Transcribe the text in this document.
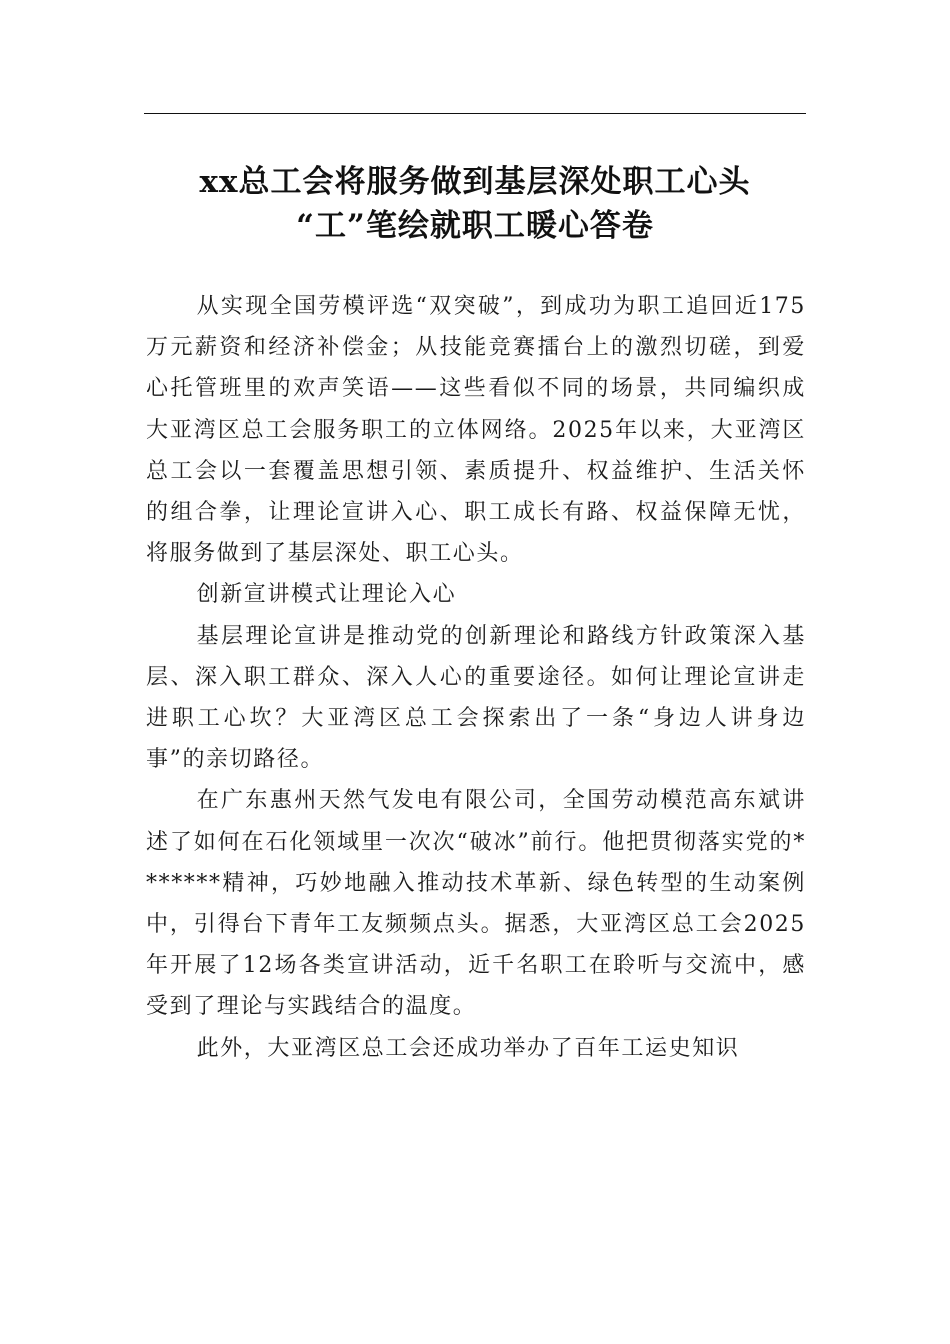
xx总工会将服务做到基层深处职工心头
“工”笔绘就职工暖心答卷

从实现全国劳模评选“双突破”，到成功为职工追回近175万元薪资和经济补偿金；从技能竞赛擂台上的激烈切磋，到爱心托管班里的欢声笑语——这些看似不同的场景，共同编织成大亚湾区总工会服务职工的立体网络。2025年以来，大亚湾区总工会以一套覆盖思想引领、素质提升、权益维护、生活关怀的组合拳，让理论宣讲入心、职工成长有路、权益保障无忧，将服务做到了基层深处、职工心头。

创新宣讲模式让理论入心

基层理论宣讲是推动党的创新理论和路线方针政策深入基层、深入职工群众、深入人心的重要途径。如何让理论宣讲走进职工心坎？大亚湾区总工会探索出了一条“身边人讲身边事”的亲切路径。

在广东惠州天然气发电有限公司，全国劳动模范高东斌讲述了如何在石化领域里一次次“破冰”前行。他把贯彻落实党的*******精神，巧妙地融入推动技术革新、绿色转型的生动案例中，引得台下青年工友频频点头。据悉，大亚湾区总工会2025年开展了12场各类宣讲活动，近千名职工在聆听与交流中，感受到了理论与实践结合的温度。

此外，大亚湾区总工会还成功举办了百年工运史知识
